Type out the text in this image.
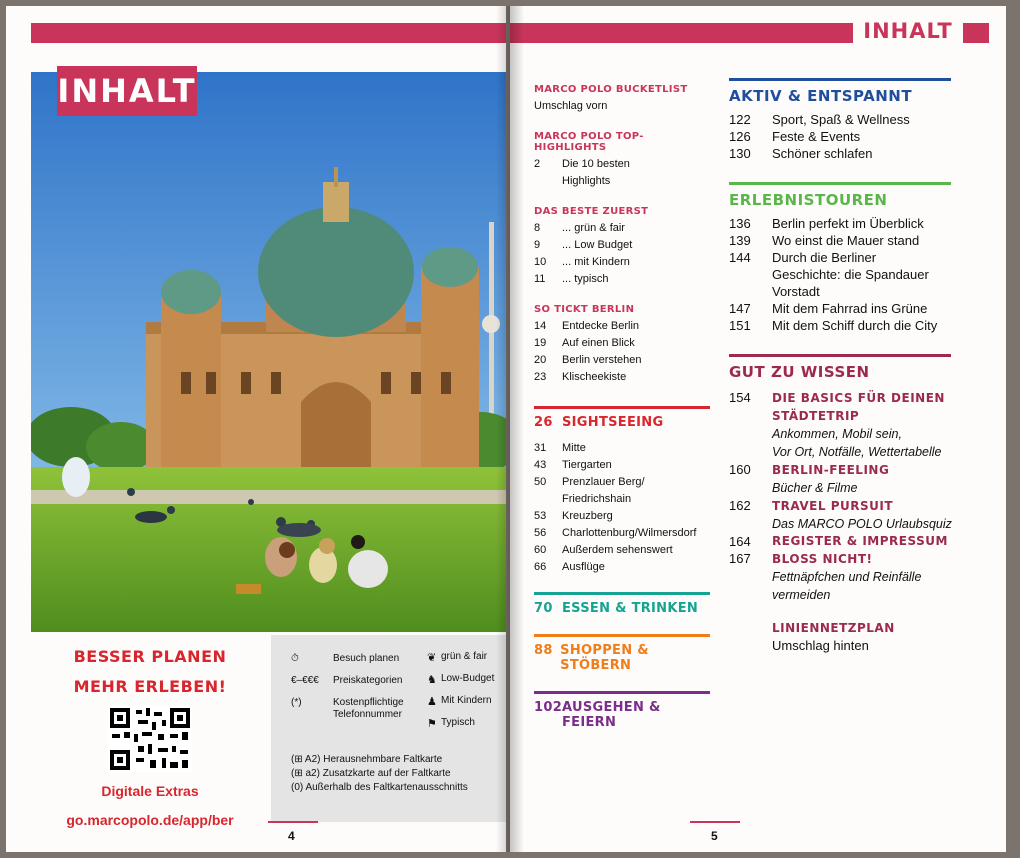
INHALT
BESSER PLANEN
MEHR ERLEBEN!
Digitale Extras
go.marcopolo.de/app/ber
⏱	Besuch planen
€–€€€ Preiskategorien
(*)	Kostenpflichtige
Telefonnummer
❦ grün & fair
♞ Low-Budget
♟ Mit Kindern
⚑ Typisch
(⊞ A2) Herausnehmbare Faltkarte
(⊞ a2) Zusatzkarte auf der Faltkarte
(0) Außerhalb des Faltkartenausschnitts
4
INHALT
MARCO POLO BUCKETLIST
Umschlag vorn
MARCO POLO TOP-HIGHLIGHTS
2	Die 10 besten
Highlights
DAS BESTE ZUERST
8	... grün & fair
9	... Low Budget
10	... mit Kindern
11	... typisch
SO TICKT BERLIN
14	Entdecke Berlin
19	Auf einen Blick
20	Berlin verstehen
23	Klischeekiste
26 SIGHTSEEING
31	Mitte
43	Tiergarten
50	Prenzlauer Berg/
Friedrichshain
53	Kreuzberg
56	Charlottenburg/Wilmersdorf
60	Außerdem sehenswert
66	Ausflüge
70 ESSEN & TRINKEN
88 SHOPPEN & STÖBERN
102 AUSGEHEN & FEIERN
AKTIV & ENTSPANNT
122	Sport, Spaß & Wellness
126	Feste & Events
130	Schöner schlafen
ERLEBNISTOUREN
136	Berlin perfekt im Überblick
139	Wo einst die Mauer stand
144	Durch die Berliner
Geschichte: die Spandauer
Vorstadt
147	Mit dem Fahrrad ins Grüne
151	Mit dem Schiff durch die City
GUT ZU WISSEN
154	DIE BASICS FÜR DEINEN
STÄDTETRIP
Ankommen, Mobil sein,
Vor Ort, Notfälle, Wettertabelle
160	BERLIN-FEELING
Bücher & Filme
162	TRAVEL PURSUIT
Das MARCO POLO Urlaubsquiz
164	REGISTER & IMPRESSUM
167	BLOSS NICHT!
Fettnäpfchen und Reinfälle
vermeiden
LINIENNETZPLAN
Umschlag hinten
5
